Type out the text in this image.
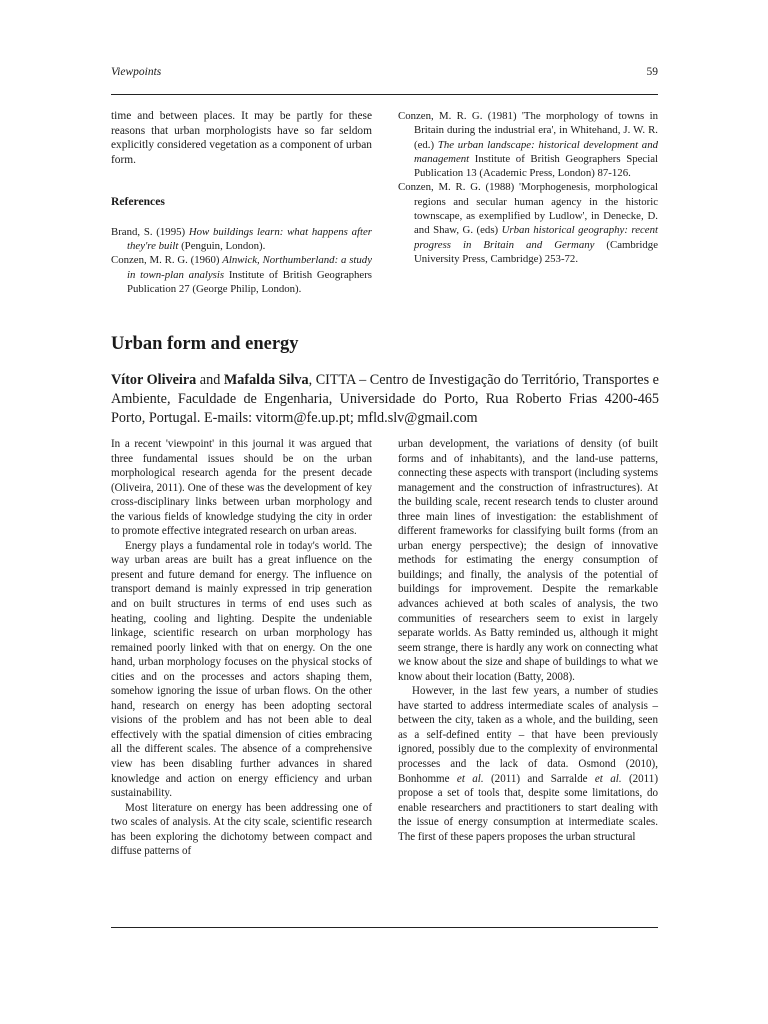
Viewpoints	59

time and between places. It may be partly for these reasons that urban morphologists have so far seldom explicitly considered vegetation as a component of urban form.

References
Brand, S. (1995) How buildings learn: what happens after they're built (Penguin, London).
Conzen, M. R. G. (1960) Alnwick, Northumberland: a study in town-plan analysis Institute of British Geographers Publication 27 (George Philip, London).
Conzen, M. R. G. (1981) 'The morphology of towns in Britain during the industrial era', in Whitehand, J. W. R. (ed.) The urban landscape: historical development and management Institute of British Geographers Special Publication 13 (Academic Press, London) 87-126.
Conzen, M. R. G. (1988) 'Morphogenesis, morphological regions and secular human agency in the historic townscape, as exemplified by Ludlow', in Denecke, D. and Shaw, G. (eds) Urban historical geography: recent progress in Britain and Germany (Cambridge University Press, Cambridge) 253-72.
Urban form and energy
Vítor Oliveira and Mafalda Silva, CITTA – Centro de Investigação do Território, Transportes e Ambiente, Faculdade de Engenharia, Universidade do Porto, Rua Roberto Frias 4200-465 Porto, Portugal. E-mails: vitorm@fe.up.pt; mfld.slv@gmail.com

In a recent 'viewpoint' in this journal it was argued that three fundamental issues should be on the urban morphological research agenda for the present decade (Oliveira, 2011). One of these was the development of key cross-disciplinary links between urban morphology and the various fields of knowledge studying the city in order to promote effective integrated research on urban areas.

Energy plays a fundamental role in today's world. The way urban areas are built has a great influence on the present and future demand for energy. The influence on transport demand is mainly expressed in trip generation and on built structures in terms of end uses such as heating, cooling and lighting. Despite the undeniable linkage, scientific research on urban morphology has remained poorly linked with that on energy. On the one hand, urban morphology focuses on the physical stocks of cities and on the processes and actors shaping them, somehow ignoring the issue of urban flows. On the other hand, research on energy has been adopting sectoral visions of the problem and has not been able to deal effectively with the spatial dimension of cities embracing all the different scales. The absence of a comprehensive view has been disabling further advances in shared knowledge and action on energy efficiency and urban sustainability.

Most literature on energy has been addressing one of two scales of analysis. At the city scale, scientific research has been exploring the dichotomy between compact and diffuse patterns of

urban development, the variations of density (of built forms and of inhabitants), and the land-use patterns, connecting these aspects with transport (including systems management and the construction of infrastructures). At the building scale, recent research tends to cluster around three main lines of investigation: the establishment of different frameworks for classifying built forms (from an urban energy perspective); the design of innovative methods for estimating the energy consumption of buildings; and finally, the analysis of the potential of buildings for improvement. Despite the remarkable advances achieved at both scales of analysis, the two communities of researchers seem to exist in largely separate worlds. As Batty reminded us, although it might seem strange, there is hardly any work on connecting what we know about the size and shape of buildings to what we know about their location (Batty, 2008).

However, in the last few years, a number of studies have started to address intermediate scales of analysis – between the city, taken as a whole, and the building, seen as a self-defined entity – that have been previously ignored, possibly due to the complexity of environmental processes and the lack of data. Osmond (2010), Bonhomme et al. (2011) and Sarralde et al. (2011) propose a set of tools that, despite some limitations, do enable researchers and practitioners to start dealing with the issue of energy consumption at intermediate scales. The first of these papers proposes the urban structural
